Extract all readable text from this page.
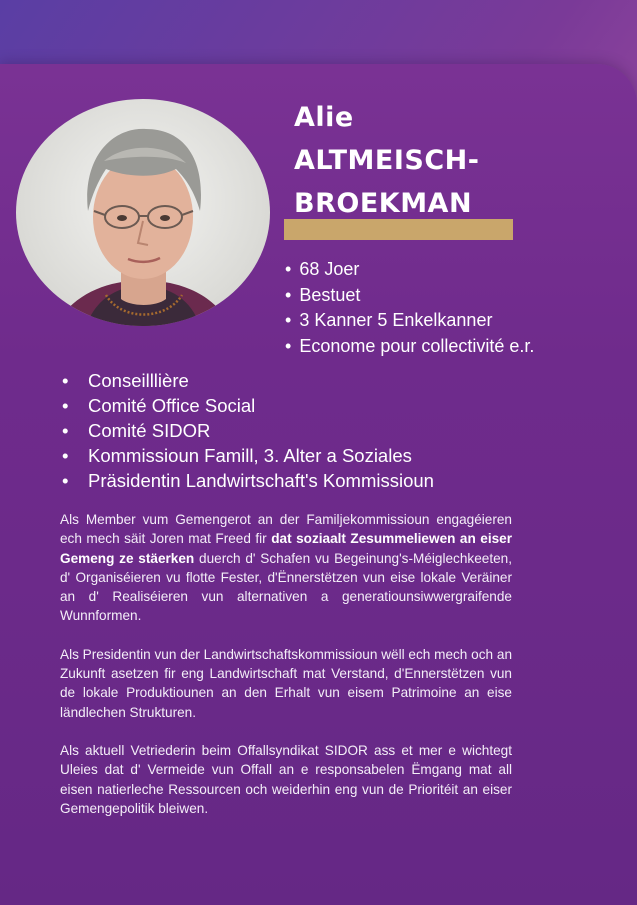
Alie
ALTMEISCH-
BROEKMAN
• 68 Joer
• Bestuet
• 3 Kanner 5 Enkelkanner
• Econome pour collectivité e.r.
• Conseilllière
• Comité Office Social
• Comité SIDOR
• Kommissioun Famill, 3. Alter a Soziales
• Präsidentin Landwirtschaft's Kommissioun

Als Member vum Gemengerot an der Familjekommissioun engagéieren ech mech säit Joren mat Freed fir dat soziaalt Zesummeliewen an eiser Gemeng ze stäerken duerch d' Schafen vu Begeinung's-Méiglechkeeten, d' Organiséieren vu flotte Fester, d'Ënnerstëtzen vun eise lokale Veräiner an d' Realiséieren vun alternativen a generatiounsiwwergraifende Wunnformen.

Als Presidentin vun der Landwirtschaftskommissioun wëll ech mech och an Zukunft asetzen fir eng Landwirtschaft mat Verstand, d'Ennerstëtzen vun de lokale Produktiounen an den Erhalt vun eisem Patrimoine an eise ländlechen Strukturen.

Als aktuell Vetriederin beim Offallsyndikat SIDOR ass et mer e wichtegt Uleies dat d' Vermeide vun Offall an e responsabelen Ëmgang mat all eisen natierleche Ressourcen och weiderhin eng vun de Prioritéit an eiser Gemengepolitik bleiwen.
